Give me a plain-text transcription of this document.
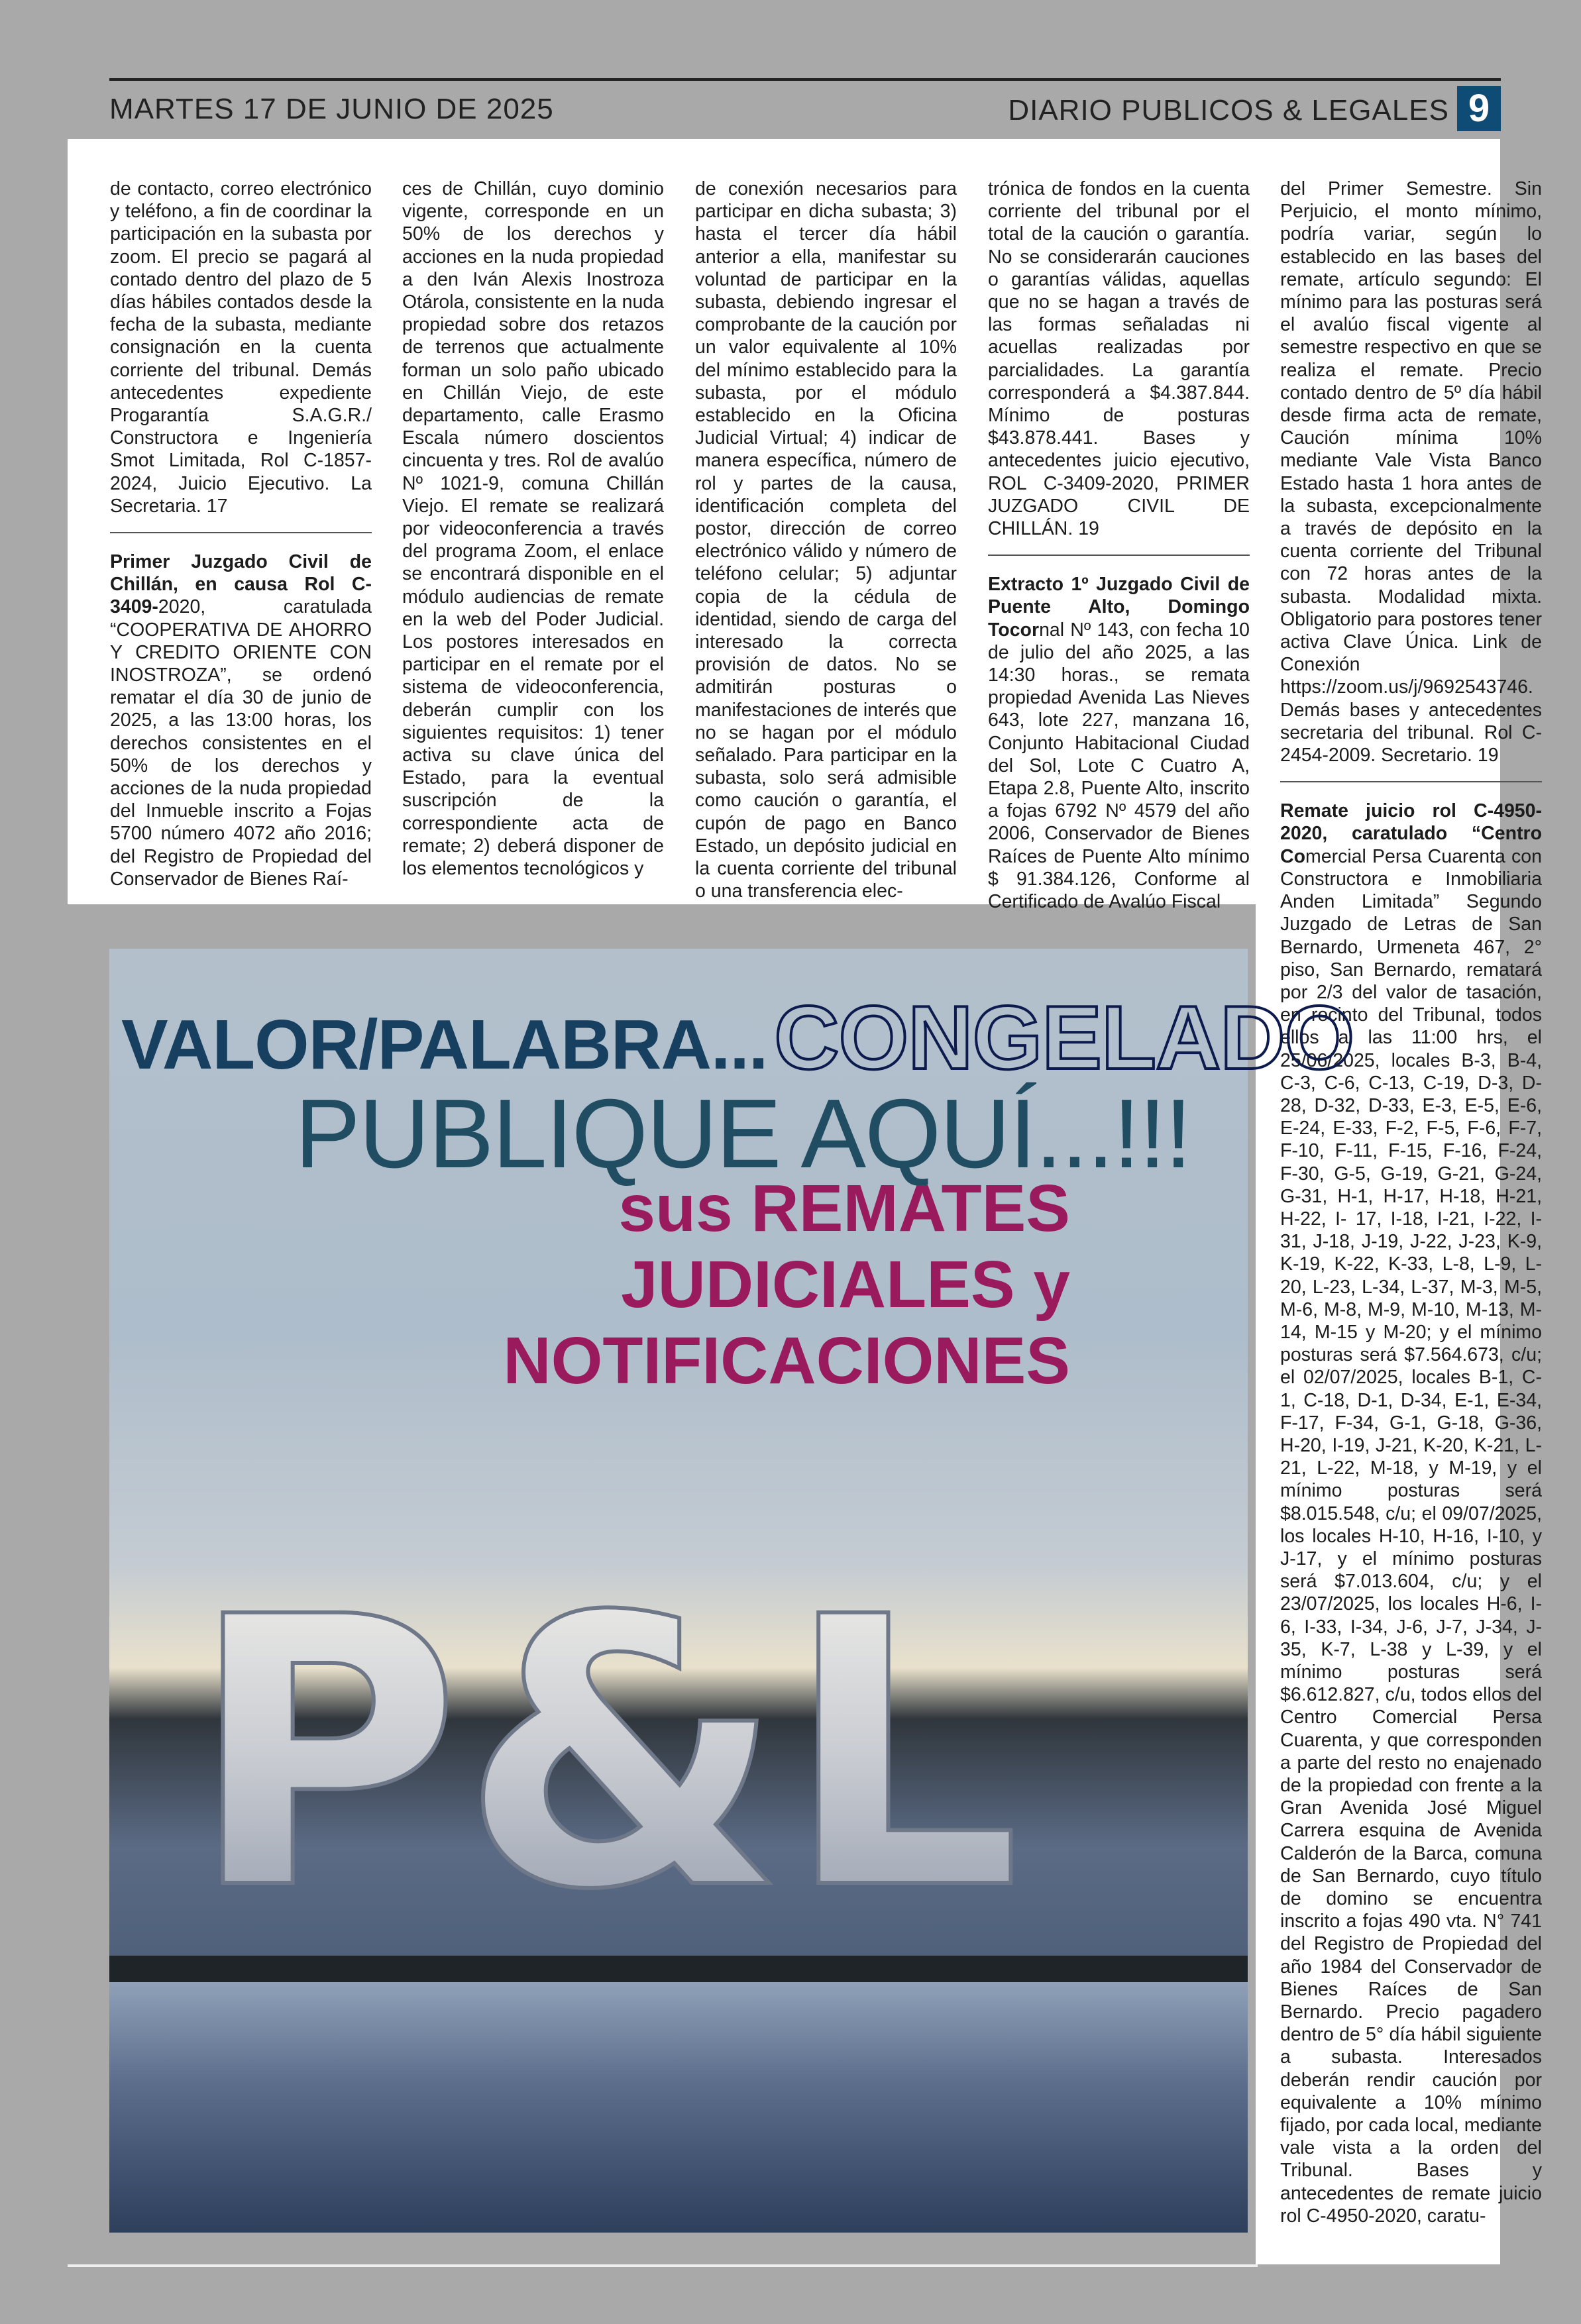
MARTES 17 DE JUNIO DE 2025	DIARIO PUBLICOS & LEGALES 9

de contacto, correo electrónico y teléfono, a fin de coordinar la participación en la subasta por zoom. El precio se pagará al contado dentro del plazo de 5 días hábiles contados desde la fecha de la subasta, mediante consignación en la cuenta corriente del tribunal. Demás antecedentes expediente Progarantía S.A.G.R./ Constructora e Ingeniería Smot Limitada, Rol C-1857-2024, Juicio Ejecutivo. La Secretaria. 17

Primer Juzgado Civil de Chillán, en causa Rol C-3409-2020, caratulada “COOPERATIVA DE AHORRO Y CREDITO ORIENTE CON INOSTROZA”, se ordenó rematar el día 30 de junio de 2025, a las 13:00 horas, los derechos consistentes en el 50% de los derechos y acciones de la nuda propiedad del Inmueble inscrito a Fojas 5700 número 4072 año 2016; del Registro de Propiedad del Conservador de Bienes Raí-

ces de Chillán, cuyo dominio vigente, corresponde en un 50% de los derechos y acciones en la nuda propiedad a den Iván Alexis Inostroza Otárola, consistente en la nuda propiedad sobre dos retazos de terrenos que actualmente forman un solo paño ubicado en Chillán Viejo, de este departamento, calle Erasmo Escala número doscientos cincuenta y tres. Rol de avalúo Nº 1021-9, comuna Chillán Viejo. El remate se realizará por videoconferencia a través del programa Zoom, el enlace se encontrará disponible en el módulo audiencias de remate en la web del Poder Judicial. Los postores interesados en participar en el remate por el sistema de videoconferencia, deberán cumplir con los siguientes requisitos: 1) tener activa su clave única del Estado, para la eventual suscripción de la correspondiente acta de remate; 2) deberá disponer de los elementos tecnológicos y

de conexión necesarios para participar en dicha subasta; 3) hasta el tercer día hábil anterior a ella, manifestar su voluntad de participar en la subasta, debiendo ingresar el comprobante de la caución por un valor equivalente al 10% del mínimo establecido para la subasta, por el módulo establecido en la Oficina Judicial Virtual; 4) indicar de manera específica, número de rol y partes de la causa, identificación completa del postor, dirección de correo electrónico válido y número de teléfono celular; 5) adjuntar copia de la cédula de identidad, siendo de carga del interesado la correcta provisión de datos. No se admitirán posturas o manifestaciones de interés que no se hagan por el módulo señalado. Para participar en la subasta, solo será admisible como caución o garantía, el cupón de pago en Banco Estado, un depósito judicial en la cuenta corriente del tribunal o una transferencia elec-

trónica de fondos en la cuenta corriente del tribunal por el total de la caución o garantía. No se considerarán cauciones o garantías válidas, aquellas que no se hagan a través de las formas señaladas ni acuellas realizadas por parcialidades. La garantía corresponderá a $4.387.844. Mínimo de posturas $43.878.441. Bases y antecedentes juicio ejecutivo, ROL C-3409-2020, PRIMER JUZGADO CIVIL DE CHILLÁN. 19

Extracto 1º Juzgado Civil de Puente Alto, Domingo Tocornal Nº 143, con fecha 10 de julio del año 2025, a las 14:30 horas., se remata propiedad Avenida Las Nieves 643, lote 227, manzana 16, Conjunto Habitacional Ciudad del Sol, Lote C Cuatro A, Etapa 2.8, Puente Alto, inscrito a fojas 6792 Nº 4579 del año 2006, Conservador de Bienes Raíces de Puente Alto mínimo $ 91.384.126, Conforme al Certificado de Avalúo Fiscal

del Primer Semestre. Sin Perjuicio, el monto mínimo, podría variar, según lo establecido en las bases del remate, artículo segundo: El mínimo para las posturas será el avalúo fiscal vigente al semestre respectivo en que se realiza el remate. Precio contado dentro de 5º día hábil desde firma acta de remate, Caución mínima 10% mediante Vale Vista Banco Estado hasta 1 hora antes de la subasta, excepcionalmente a través de depósito en la cuenta corriente del Tribunal con 72 horas antes de la subasta. Modalidad mixta. Obligatorio para postores tener activa Clave Única. Link de Conexión https://zoom.us/j/9692543746. Demás bases y antecedentes secretaria del tribunal. Rol C-2454-2009. Secretario. 19

Remate juicio rol C-4950-2020, caratulado “Centro Comercial Persa Cuarenta con Constructora e Inmobiliaria Anden Limitada” Segundo Juzgado de Letras de San Bernardo, Urmeneta 467, 2° piso, San Bernardo, rematará por 2/3 del valor de tasación, en recinto del Tribunal, todos ellos a las 11:00 hrs, el 25/06/2025, locales B-3, B-4, C-3, C-6, C-13, C-19, D-3, D-28, D-32, D-33, E-3, E-5, E-6, E-24, E-33, F-2, F-5, F-6, F-7, F-10, F-11, F-15, F-16, F-24, F-30, G-5, G-19, G-21, G-24, G-31, H-1, H-17, H-18, H-21, H-22, I- 17, I-18, I-21, I-22, I-31, J-18, J-19, J-22, J-23, K-9, K-19, K-22, K-33, L-8, L-9, L-20, L-23, L-34, L-37, M-3, M-5, M-6, M-8, M-9, M-10, M-13, M-14, M-15 y M-20; y el mínimo posturas será $7.564.673, c/u; el 02/07/2025, locales B-1, C-1, C-18, D-1, D-34, E-1, E-34, F-17, F-34, G-1, G-18, G-36, H-20, I-19, J-21, K-20, K-21, L-21, L-22, M-18, y M-19, y el mínimo posturas será $8.015.548, c/u; el 09/07/2025, los locales H-10, H-16, I-10, y J-17, y el mínimo posturas será $7.013.604, c/u; y el 23/07/2025, los locales H-6, I-6, I-33, I-34, J-6, J-7, J-34, J- 35, K-7, L-38 y L-39, y el mínimo posturas será $6.612.827, c/u, todos ellos del Centro Comercial Persa Cuarenta, y que corresponden a parte del resto no enajenado de la propiedad con frente a la Gran Avenida José Miguel Carrera esquina de Avenida Calderón de la Barca, comuna de San Bernardo, cuyo título de domino se encuentra inscrito a fojas 490 vta. N° 741 del Registro de Propiedad del año 1984 del Conservador de Bienes Raíces de San Bernardo. Precio pagadero dentro de 5° día hábil siguiente a subasta. Interesados deberán rendir caución por equivalente a 10% mínimo fijado, por cada local, mediante vale vista a la orden del Tribunal. Bases y antecedentes de remate juicio rol C-4950-2020, caratu-

VALOR/PALABRA...CONGELADO
PUBLIQUE AQUÍ...!!!
sus REMATES
JUDICIALES y
NOTIFICACIONES
P&L
